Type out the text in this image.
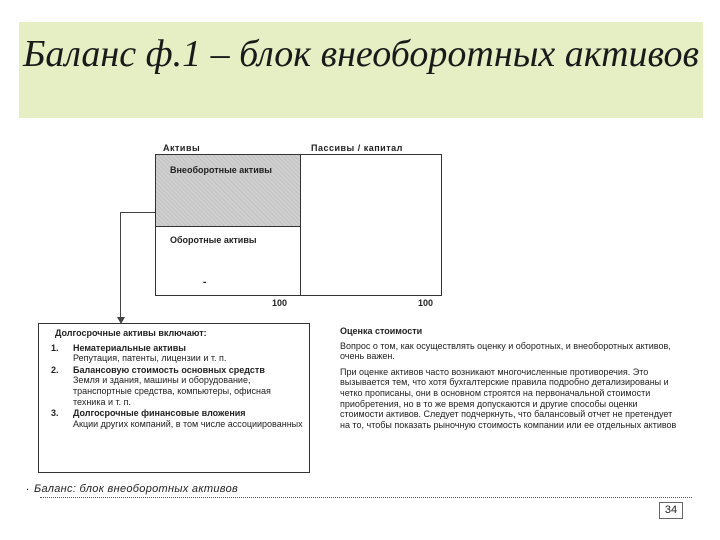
Баланс ф.1 – блок внеоборотных активов
Активы	Пассивы / капитал
Внеоборотные активы
Оборотные активы
-
100	100
Долгосрочные активы включают:
1.	Нематериальные активы
Репутация, патенты, лицензии и т. п.
2.	Балансовую стоимость основных средств
Земля и здания, машины и оборудование, транспортные средства, компьютеры, офисная техника и т. п.
3.	Долгосрочные финансовые вложения
Акции других компаний, в том числе ассоциированных
Оценка стоимости

Вопрос о том, как осуществлять оценку и оборотных, и внеоборотных активов, очень важен.

При оценке активов часто возникают многочисленные противоречия. Это вызывается тем, что хотя бухгалтерские правила подробно детализированы и четко прописаны, они в основном строятся на первоначальной стоимости приобретения, но в то же время допускаются и другие способы оценки стоимости активов. Следует подчеркнуть, что балансовый отчет не претендует на то, чтобы показать рыночную стоимость компании или ее отдельных активов

. Баланс: блок внеоборотных активов
34
